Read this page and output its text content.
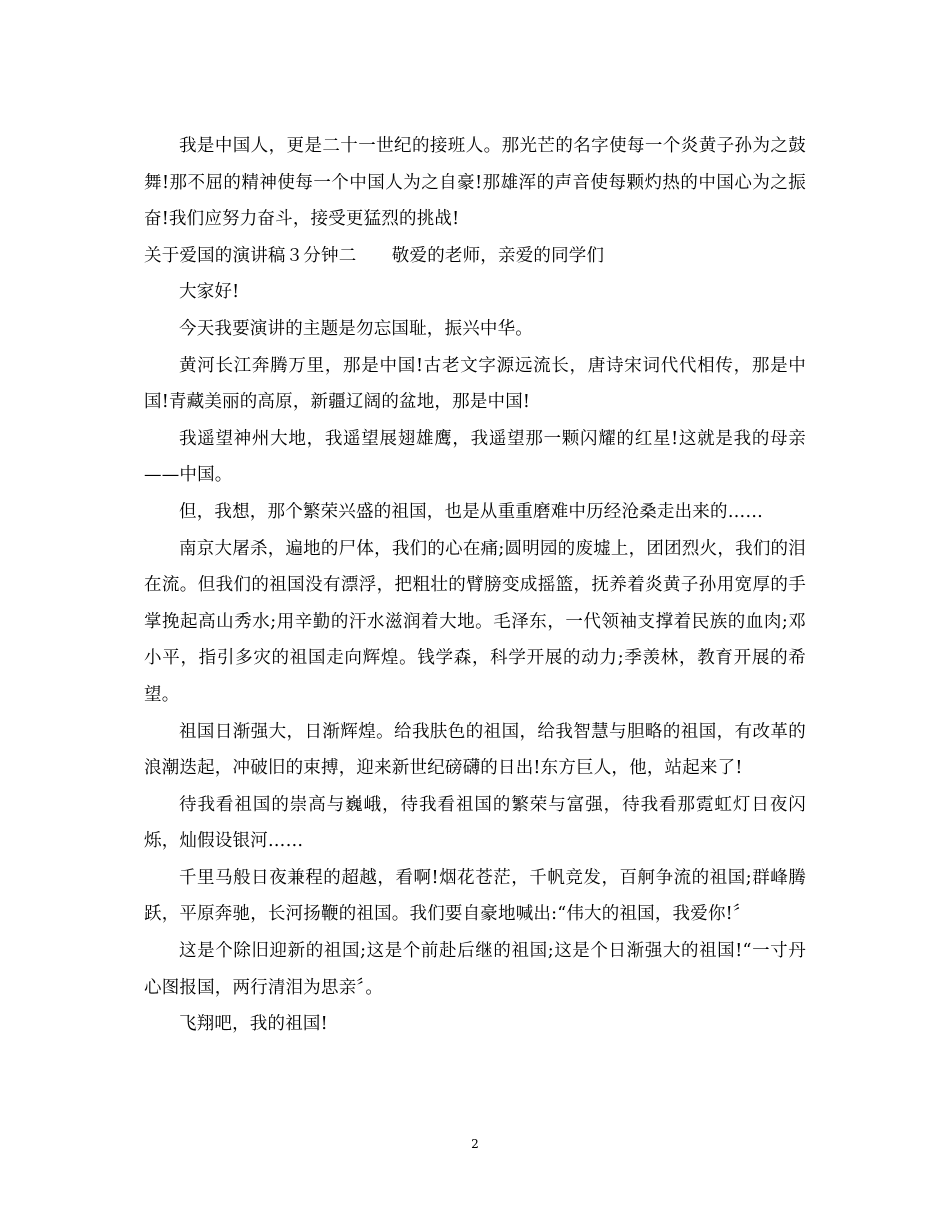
我是中国人，更是二十一世纪的接班人。那光芒的名字使每一个炎黄子孙为之鼓舞!那不屈的精神使每一个中国人为之自豪!那雄浑的声音使每颗灼热的中国心为之振奋!我们应努力奋斗，接受更猛烈的挑战!

关于爱国的演讲稿３分钟二　　敬爱的老师，亲爱的同学们

大家好!

今天我要演讲的主题是勿忘国耻，振兴中华。

黄河长江奔腾万里，那是中国!古老文字源远流长，唐诗宋词代代相传，那是中国!青藏美丽的高原，新疆辽阔的盆地，那是中国!

我遥望神州大地，我遥望展翅雄鹰，我遥望那一颗闪耀的红星!这就是我的母亲——中国。

但，我想，那个繁荣兴盛的祖国，也是从重重磨难中历经沧桑走出来的……

南京大屠杀，遍地的尸体，我们的心在痛;圆明园的废墟上，团团烈火，我们的泪在流。但我们的祖国没有漂浮，把粗壮的臂膀变成摇篮，抚养着炎黄子孙用宽厚的手掌挽起高山秀水;用辛勤的汗水滋润着大地。毛泽东，一代领袖支撑着民族的血肉;邓小平，指引多灾的祖国走向辉煌。钱学森，科学开展的动力;季羡林，教育开展的希望。

祖国日渐强大，日渐辉煌。给我肤色的祖国，给我智慧与胆略的祖国，有改革的浪潮迭起，冲破旧的束搏，迎来新世纪磅礴的日出!东方巨人，他，站起来了!

待我看祖国的崇高与巍峨，待我看祖国的繁荣与富强，待我看那霓虹灯日夜闪烁，灿假设银河……

千里马般日夜兼程的超越，看啊!烟花苍茫，千帆竞发，百舸争流的祖国;群峰腾跃，平原奔驰，长河扬鞭的祖国。我们要自豪地喊出:“伟大的祖国，我爱你!〞

这是个除旧迎新的祖国;这是个前赴后继的祖国;这是个日渐强大的祖国!“一寸丹心图报国，两行清泪为思亲〞。

飞翔吧，我的祖国!

2
